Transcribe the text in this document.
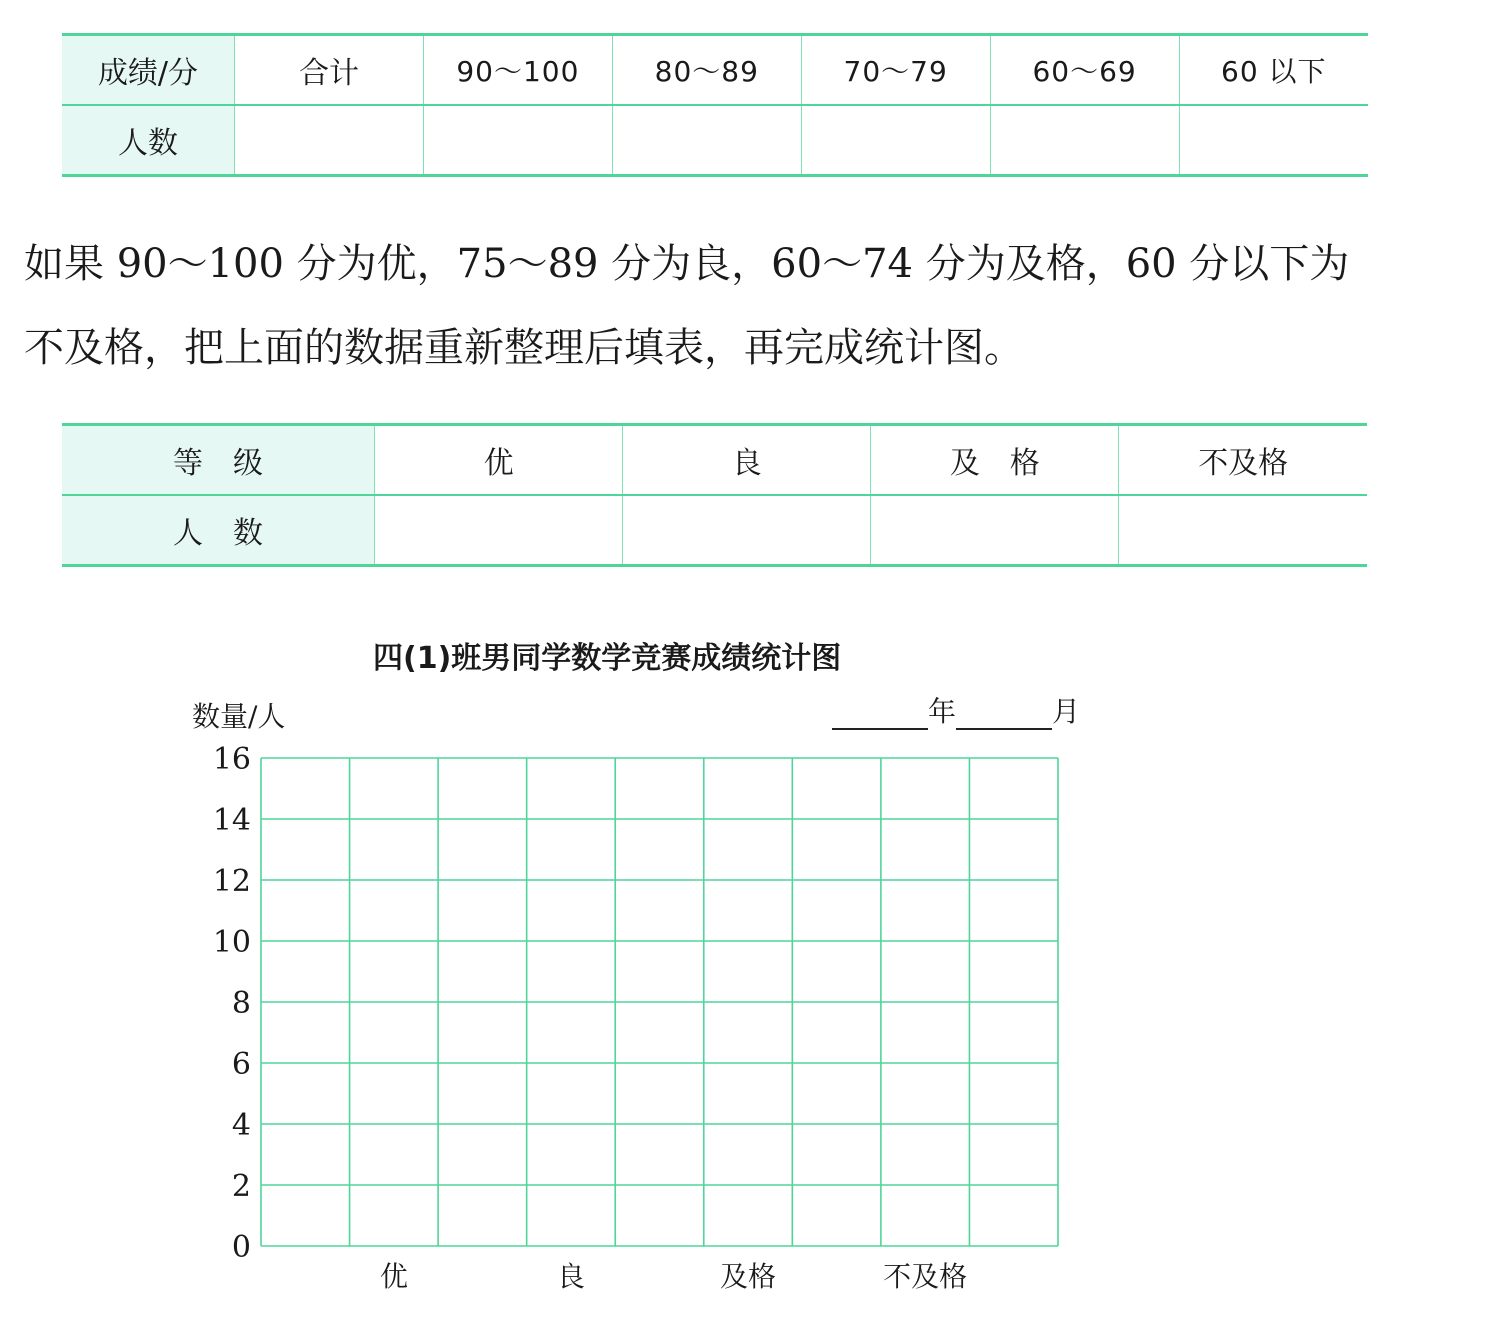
成绩/分	合计	90～100	80～89	70～79	60～69	60 以下
人数						

如果 90～100 分为优，75～89 分为良，60～74 分为及格，60 分以下为
不及格，把上面的数据重新整理后填表，再完成统计图。

等　级	优	良	及　格	不及格
人　数				
四(1)班男同学数学竞赛成绩统计图
数量/人	年	月
0
2
4
6
8
10
12
14
16
优	良	及格	不及格
